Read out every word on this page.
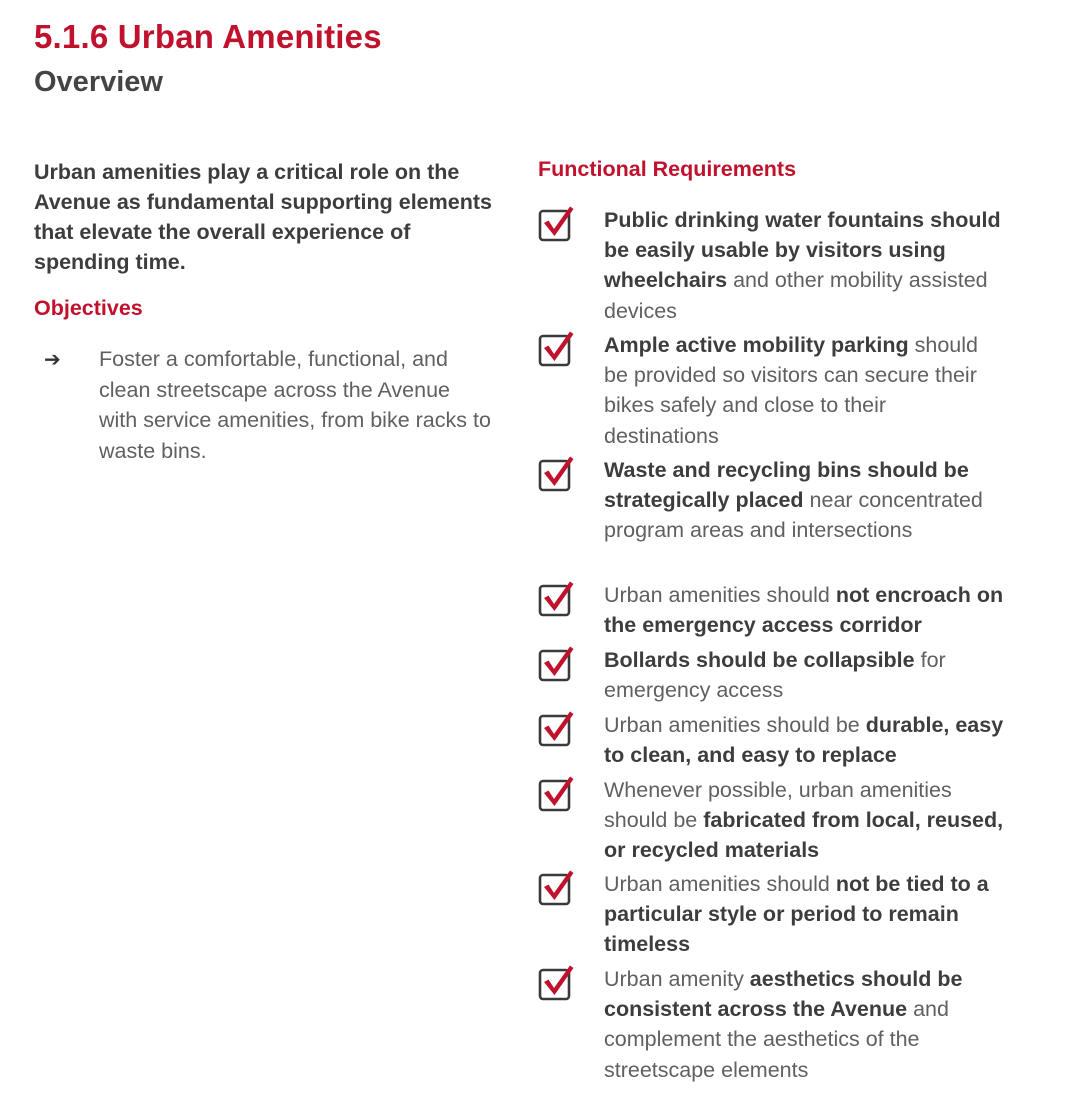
5.1.6 Urban Amenities
Overview

Urban amenities play a critical role on the Avenue as fundamental supporting elements that elevate the overall experience of spending time.

Objectives
➔	Foster a comfortable, functional, and clean streetscape across the Avenue with service amenities, from bike racks to waste bins.
Functional Requirements

Public drinking water fountains should be easily usable by visitors using wheelchairs and other mobility assisted devices

Ample active mobility parking should be provided so visitors can secure their bikes safely and close to their destinations

Waste and recycling bins should be strategically placed near concentrated program areas and intersections

Urban amenities should not encroach on the emergency access corridor

Bollards should be collapsible for emergency access

Urban amenities should be durable, easy to clean, and easy to replace

Whenever possible, urban amenities should be fabricated from local, reused, or recycled materials

Urban amenities should not be tied to a particular style or period to remain timeless

Urban amenity aesthetics should be consistent across the Avenue and complement the aesthetics of the streetscape elements
